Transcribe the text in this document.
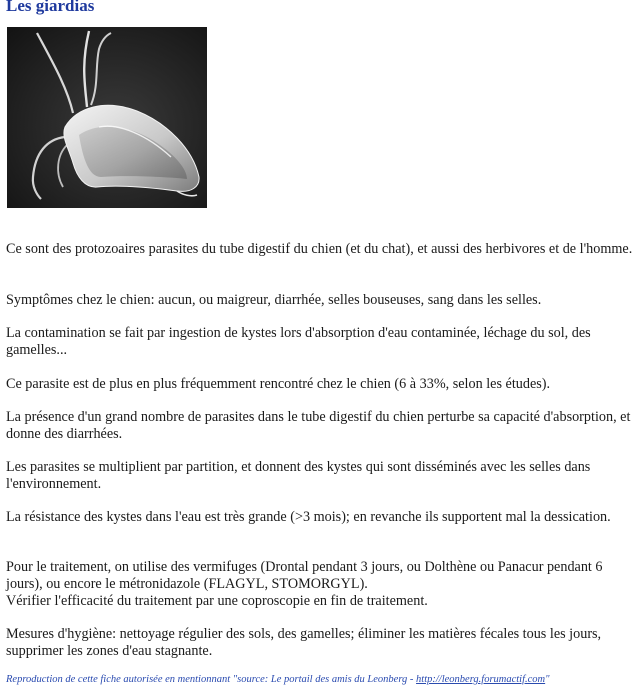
Les giardias

Ce sont des protozoaires parasites du tube digestif du chien (et du chat), et aussi des herbivores et de l'homme.

Symptômes chez le chien: aucun, ou maigreur, diarrhée, selles bouseuses, sang dans les selles.

La contamination se fait par ingestion de kystes lors d'absorption d'eau contaminée, léchage du sol, des gamelles...

Ce parasite est de plus en plus fréquemment rencontré chez le chien (6 à 33%, selon les études).

La présence d'un grand nombre de parasites dans le tube digestif du chien perturbe sa capacité d'absorption, et donne des diarrhées.

Les parasites se multiplient par partition, et donnent des kystes qui sont disséminés avec les selles dans l'environnement.

La résistance des kystes dans l'eau est très grande (>3 mois); en revanche ils supportent mal la dessication.

Pour le traitement, on utilise des vermifuges (Drontal pendant 3 jours, ou Dolthène ou Panacur pendant 6 jours), ou encore le métronidazole (FLAGYL, STOMORGYL).

Vérifier l'efficacité du traitement par une coproscopie en fin de traitement.

Mesures d'hygiène: nettoyage régulier des sols, des gamelles; éliminer les matières fécales tous les jours, supprimer les zones d'eau stagnante.

Reproduction de cette fiche autorisée en mentionnant "source: Le portail des amis du Leonberg - http://leonberg.forumactif.com"
